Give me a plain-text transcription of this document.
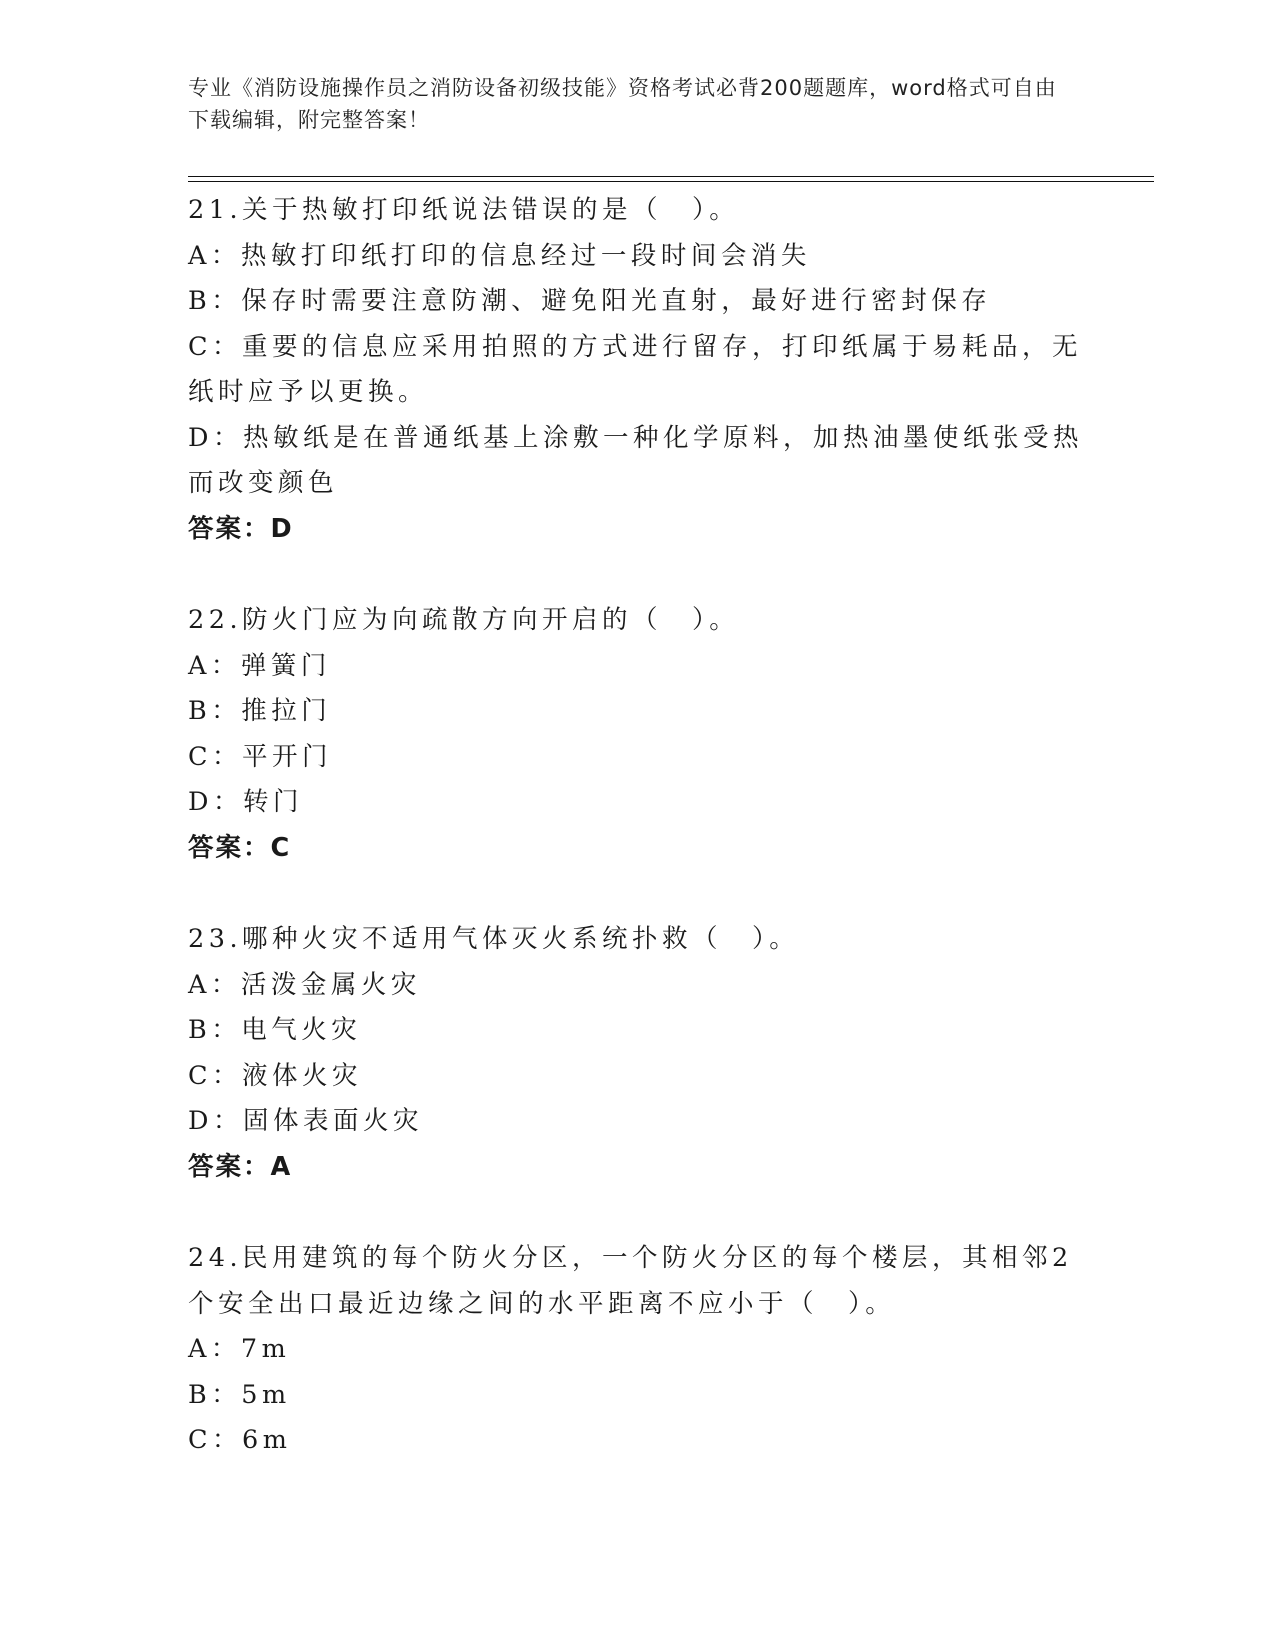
专业《消防设施操作员之消防设备初级技能》资格考试必背200题题库，word格式可自由下载编辑，附完整答案！
21.关于热敏打印纸说法错误的是（　）。
A：热敏打印纸打印的信息经过一段时间会消失
B：保存时需要注意防潮、避免阳光直射，最好进行密封保存
C：重要的信息应采用拍照的方式进行留存，打印纸属于易耗品，无纸时应予以更换。
D：热敏纸是在普通纸基上涂敷一种化学原料，加热油墨使纸张受热而改变颜色
答案：D
22.防火门应为向疏散方向开启的（　）。
A：弹簧门
B：推拉门
C：平开门
D：转门
答案：C
23.哪种火灾不适用气体灭火系统扑救（　）。
A：活泼金属火灾
B：电气火灾
C：液体火灾
D：固体表面火灾
答案：A
24.民用建筑的每个防火分区，一个防火分区的每个楼层，其相邻2个安全出口最近边缘之间的水平距离不应小于（　）。
A：7m
B：5m
C：6m
